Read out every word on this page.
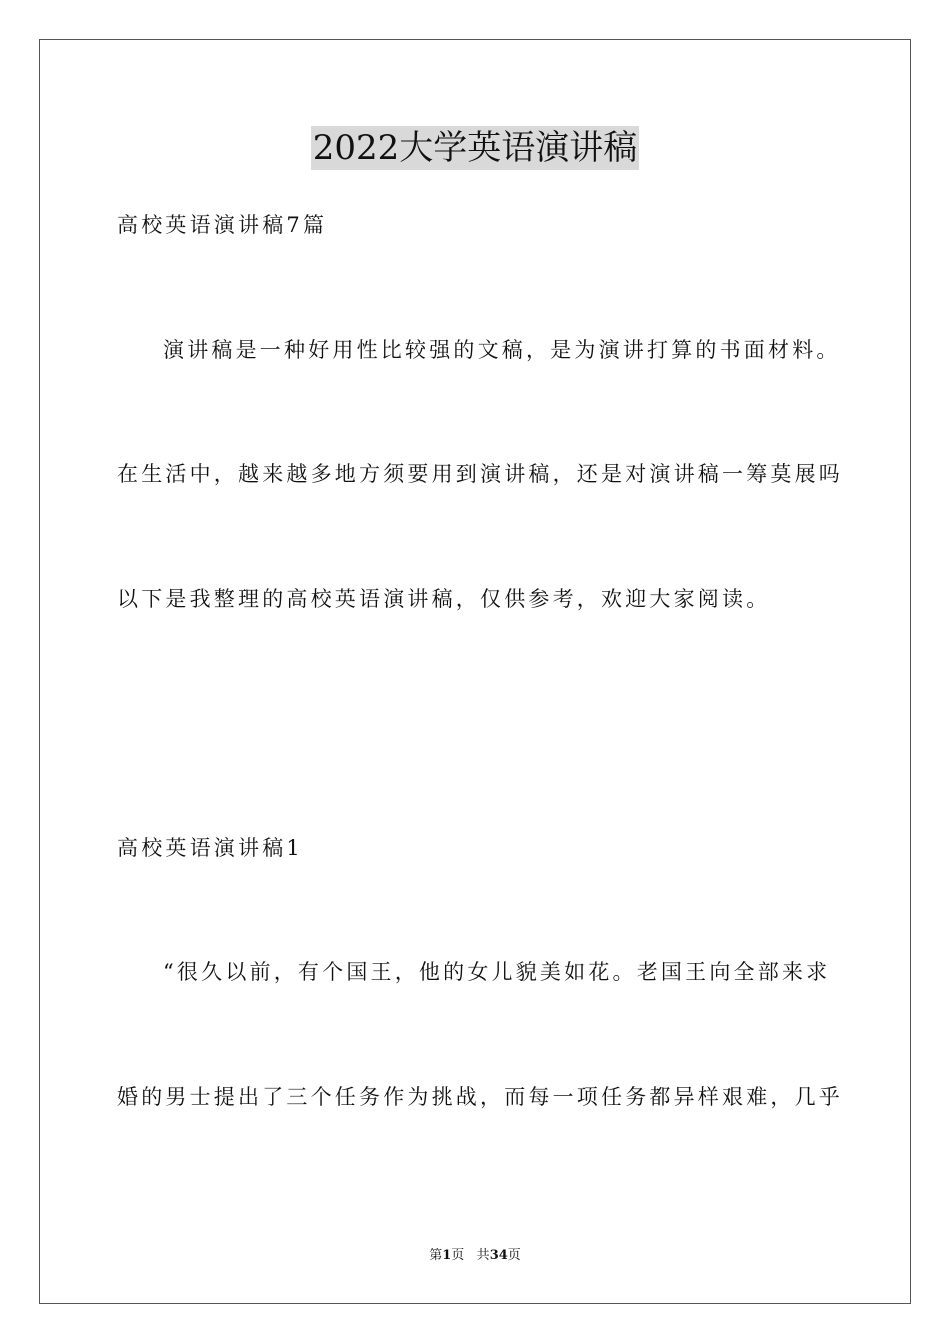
2022大学英语演讲稿
高校英语演讲稿7篇
演讲稿是一种好用性比较强的文稿，是为演讲打算的书面材料。
在生活中，越来越多地方须要用到演讲稿，还是对演讲稿一筹莫展吗
以下是我整理的高校英语演讲稿，仅供参考，欢迎大家阅读。
高校英语演讲稿1
“很久以前，有个国王，他的女儿貌美如花。老国王向全部来求
婚的男士提出了三个任务作为挑战，而每一项任务都异样艰难，几乎
第1页 共34页
